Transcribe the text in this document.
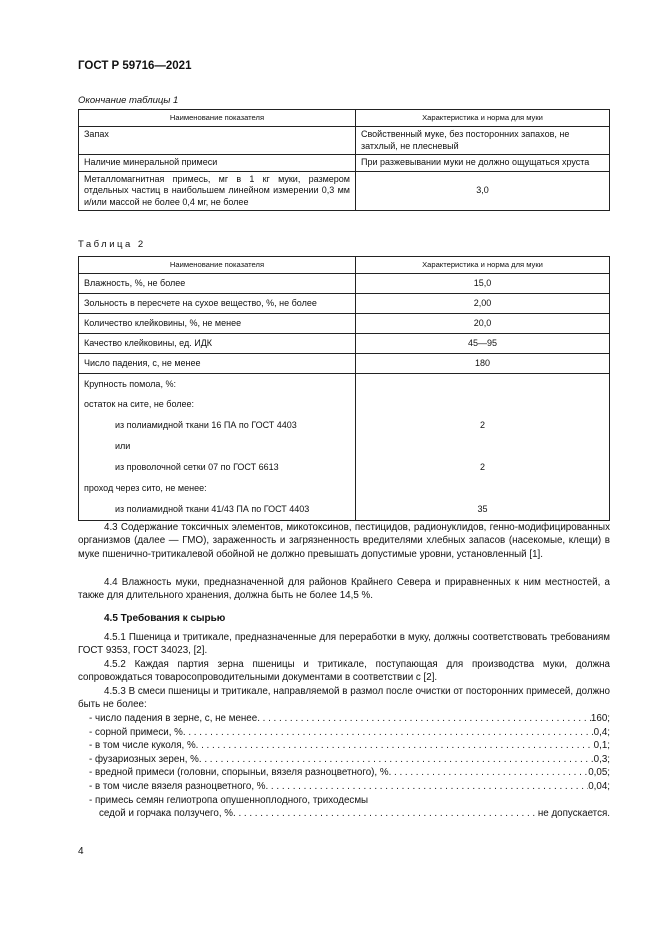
ГОСТ Р 59716—2021
Окончание таблицы 1
Наименование показателя	Характеристика и норма для муки
Запах	Свойственный муке, без посторонних запахов, не затхлый, не плесневый
Наличие минеральной примеси	При разжевывании муки не должно ощущаться хруста
Металломагнитная примесь, мг в 1 кг муки, размером отдельных частиц в наибольшем линейном измерении 0,3 мм и/или массой не более 0,4 мг, не более	3,0
Таблица 2
Наименование показателя	Характеристика и норма для муки
Влажность, %, не более	15,0
Зольность в пересчете на сухое вещество, %, не более	2,00
Количество клейковины, %, не менее	20,0
Качество клейковины, ед. ИДК	45—95
Число падения, с, не менее	180
Крупность помола, %:	
остаток на сите, не более:	
из полиамидной ткани 16 ПА по ГОСТ 4403	2
или	
из проволочной сетки 07 по ГОСТ 6613	2
проход через сито, не менее:	
из полиамидной ткани 41/43 ПА по ГОСТ 4403	35
4.3 Содержание токсичных элементов, микотоксинов, пестицидов, радионуклидов, генно-модифицированных организмов (далее — ГМО), зараженность и загрязненность вредителями хлебных запасов (насекомые, клещи) в муке пшенично-тритикалевой обойной не должно превышать допустимые уровни, установленный [1].
4.4 Влажность муки, предназначенной для районов Крайнего Севера и приравненных к ним местностей, а также для длительного хранения, должна быть не более 14,5 %.
4.5 Требования к сырью
4.5.1 Пшеница и тритикале, предназначенные для переработки в муку, должны соответствовать требованиям ГОСТ 9353, ГОСТ 34023, [2].
4.5.2 Каждая партия зерна пшеницы и тритикале, поступающая для производства муки, должна сопровождаться товаросопроводительными документами в соответствии с [2].
4.5.3 В смеси пшеницы и тритикале, направляемой в размол после очистки от посторонних примесей, должно быть не более:
- число падения в зерне, с, не менее . . .	160;
- сорной примеси, % . . .	0,4;
- в том числе куколя, % . . .	0,1;
- фузариозных зерен, % . . .	0,3;
- вредной примеси (головни, спорыньи, вязеля разноцветного), % . . .	0,05;
- в том числе вязеля разноцветного, % . . .	0,04;
- примесь семян гелиотропа опушенноплодного, триходесмы
седой и горчака ползучего, % . . .	не допускается.
4
